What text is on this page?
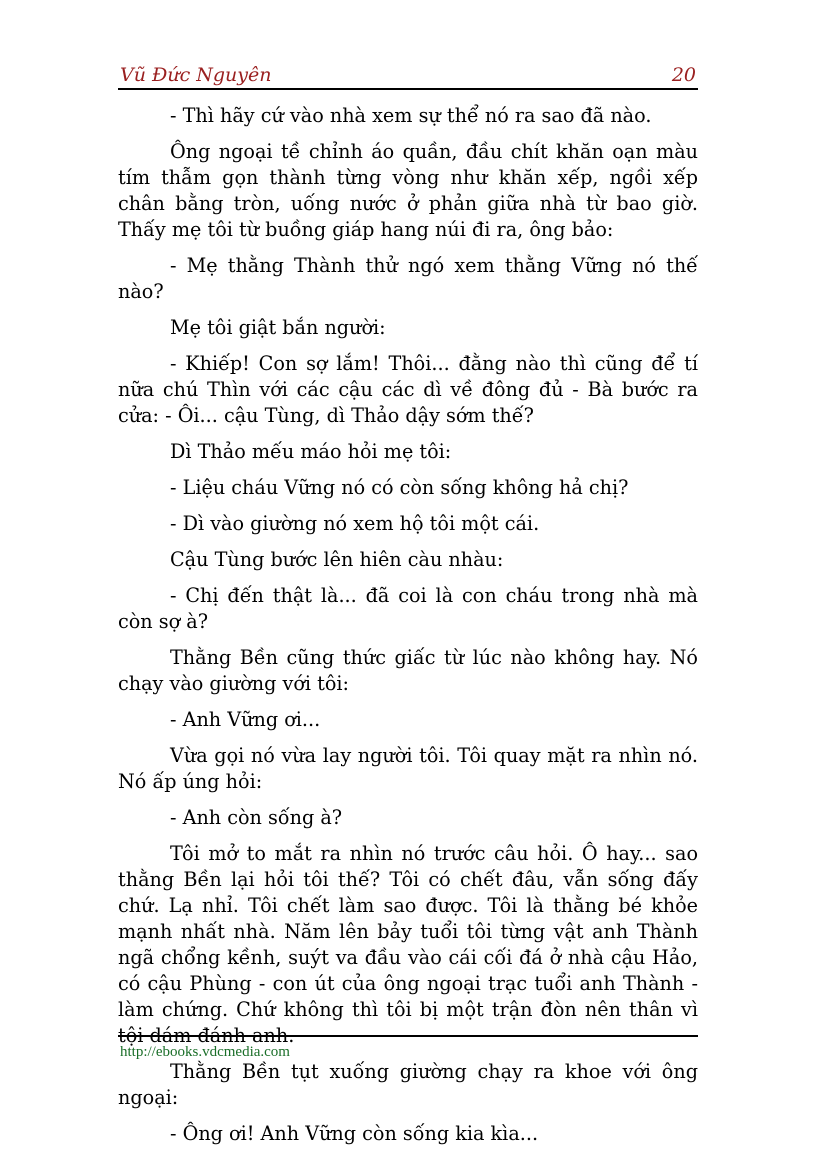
Vũ Đức Nguyên	20

- Thì hãy cứ vào nhà xem sự thể nó ra sao đã nào.

Ông ngoại tề chỉnh áo quần, đầu chít khăn oạn màu tím thẫm gọn thành từng vòng như khăn xếp, ngồi xếp chân bằng tròn, uống nước ở phản giữa nhà từ bao giờ. Thấy mẹ tôi từ buồng giáp hang núi đi ra, ông bảo:

- Mẹ thằng Thành thử ngó xem thằng Vững nó thế nào?

Mẹ tôi giật bắn người:

- Khiếp! Con sợ lắm! Thôi... đằng nào thì cũng để tí nữa chú Thìn với các cậu các dì về đông đủ - Bà bước ra cửa: - Ôi... cậu Tùng, dì Thảo dậy sớm thế?

Dì Thảo mếu máo hỏi mẹ tôi:

- Liệu cháu Vững nó có còn sống không hả chị?

- Dì vào giường nó xem hộ tôi một cái.

Cậu Tùng bước lên hiên càu nhàu:

- Chị đến thật là... đã coi là con cháu trong nhà mà còn sợ à?

Thằng Bền cũng thức giấc từ lúc nào không hay. Nó chạy vào giường với tôi:

- Anh Vững ơi...

Vừa gọi nó vừa lay người tôi. Tôi quay mặt ra nhìn nó. Nó ấp úng hỏi:

- Anh còn sống à?

Tôi mở to mắt ra nhìn nó trước câu hỏi. Ô hay... sao thằng Bền lại hỏi tôi thế? Tôi có chết đâu, vẫn sống đấy chứ. Lạ nhỉ. Tôi chết làm sao được. Tôi là thằng bé khỏe mạnh nhất nhà. Năm lên bảy tuổi tôi từng vật anh Thành ngã chổng kềnh, suýt va đầu vào cái cối đá ở nhà cậu Hảo, có cậu Phùng - con út của ông ngoại trạc tuổi anh Thành - làm chứng. Chứ không thì tôi bị một trận đòn nên thân vì tội dám đánh anh.

Thằng Bền tụt xuống giường chạy ra khoe với ông ngoại:

- Ông ơi! Anh Vững còn sống kia kìa...

http://ebooks.vdcmedia.com
